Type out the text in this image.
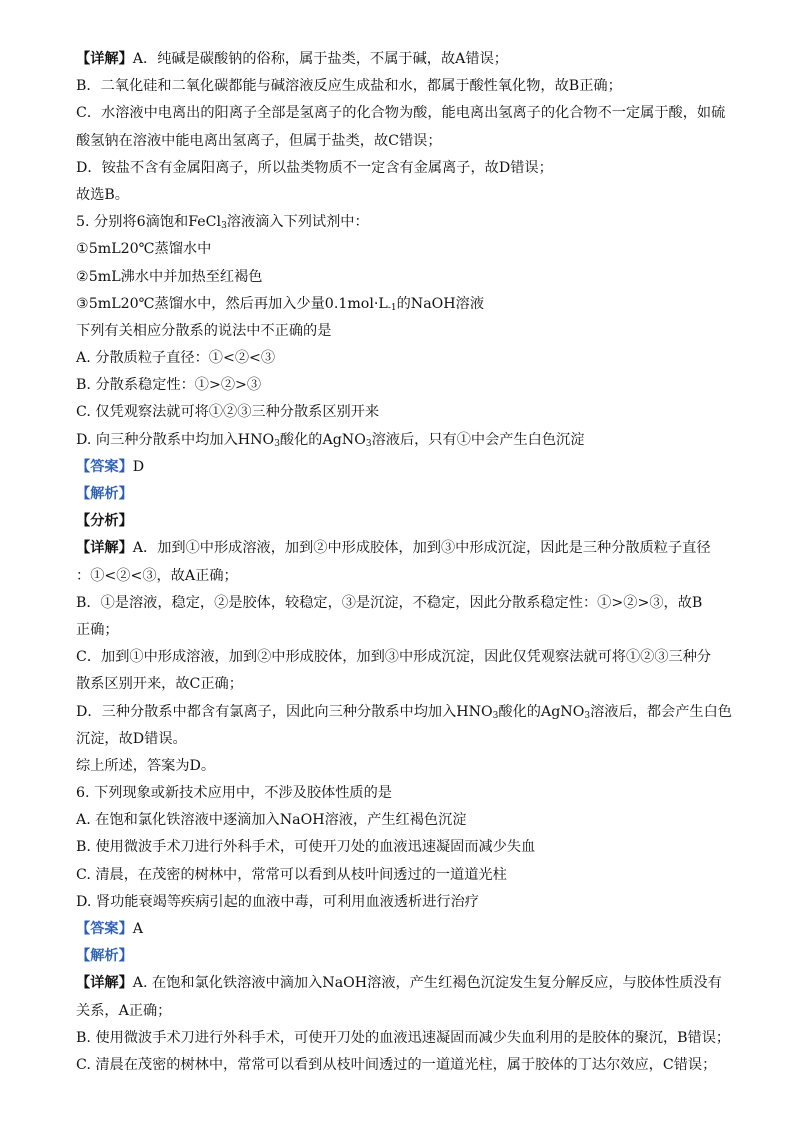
【详解】A．纯碱是碳酸钠的俗称，属于盐类，不属于碱，故A错误；
B．二氧化硅和二氧化碳都能与碱溶液反应生成盐和水，都属于酸性氧化物，故B正确；
C．水溶液中电离出的阳离子全部是氢离子的化合物为酸，能电离出氢离子的化合物不一定属于酸，如硫
酸氢钠在溶液中能电离出氢离子，但属于盐类，故C错误；
D．铵盐不含有金属阳离子，所以盐类物质不一定含有金属离子，故D错误；
故选B。
5. 分别将6滴饱和FeCl$_3$溶液滴入下列试剂中：
①5mL20℃蒸馏水中
②5mL沸水中并加热至红褐色
③5mL20℃蒸馏水中，然后再加入少量$0.1mol\cdot L_{-1}$的NaOH溶液
下列有关相应分散系的说法中不正确的是
A. 分散质粒子直径：①<②<③
B. 分散系稳定性：①>②>③
C. 仅凭观察法就可将①②③三种分散系区别开来
D. 向三种分散系中均加入$HNO_3$酸化的AgNO$_3$溶液后，只有①中会产生白色沉淀
【答案】D
【解析】
【分析】
【详解】A．加到①中形成溶液，加到②中形成胶体，加到③中形成沉淀，因此是三种分散质粒子直径
：①<②<③，故A正确；
B．①是溶液，稳定，②是胶体，较稳定，③是沉淀，不稳定，因此分散系稳定性：①>②>③，故B
正确；
C．加到①中形成溶液，加到②中形成胶体，加到③中形成沉淀，因此仅凭观察法就可将①②③三种分
散系区别开来，故C正确；
D．三种分散系中都含有氯离子，因此向三种分散系中均加入$HNO_3$酸化的AgNO$_3$溶液后，都会产生白色
沉淀，故D错误。
综上所述，答案为D。
6. 下列现象或新技术应用中，不涉及胶体性质的是
A. 在饱和氯化铁溶液中逐滴加入NaOH溶液，产生红褐色沉淀
B. 使用微波手术刀进行外科手术，可使开刀处的血液迅速凝固而减少失血
C. 清晨，在茂密的树林中，常常可以看到从枝叶间透过的一道道光柱
D. 肾功能衰竭等疾病引起的血液中毒，可利用血液透析进行治疗
【答案】A
【解析】
【详解】A. 在饱和氯化铁溶液中滴加入NaOH溶液，产生红褐色沉淀发生复分解反应，与胶体性质没有
关系，A正确；
B. 使用微波手术刀进行外科手术，可使开刀处的血液迅速凝固而减少失血利用的是胶体的聚沉，B错误；
C. 清晨在茂密的树林中，常常可以看到从枝叶间透过的一道道光柱，属于胶体的丁达尔效应，C错误；
